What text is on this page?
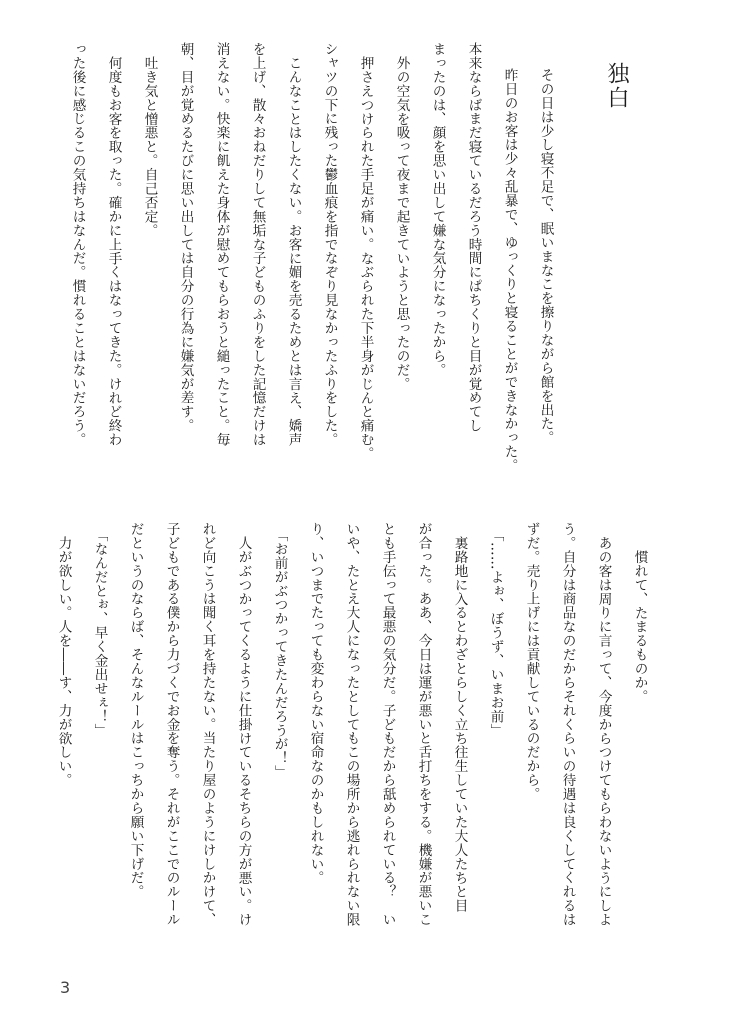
独白

その日は少し寝不足で、眠いまなこを擦りながら館を出た。

昨日のお客は少々乱暴で、ゆっくりと寝ることができなかった。

本来ならばまだ寝ているだろう時間にぱちくりと目が覚めてし

まったのは、顔を思い出して嫌な気分になったから。

外の空気を吸って夜まで起きていようと思ったのだ。

押さえつけられた手足が痛い。なぶられた下半身がじんと痛む。

シャツの下に残った鬱血痕を指でなぞり見なかったふりをした。

こんなことはしたくない。お客に媚を売るためとは言え、嬌声

を上げ、散々おねだりして無垢な子どものふりをした記憶だけは

消えない。快楽に飢えた身体が慰めてもらおうと縋ったこと。毎

朝、目が覚めるたびに思い出しては自分の行為に嫌気が差す。

吐き気と憎悪と。自己否定。

何度もお客を取った。確かに上手くはなってきた。けれど終わ

った後に感じるこの気持ちはなんだ。慣れることはないだろう。

慣れて、たまるものか。

あの客は周りに言って、今度からつけてもらわないようにしよ

う。自分は商品なのだからそれくらいの待遇は良くしてくれるは

ずだ。売り上げには貢献しているのだから。

「……よぉ、ぼうず、いまお前」

裏路地に入るとわざとらしく立ち往生していた大人たちと目

が合った。ああ、今日は運が悪いと舌打ちをする。機嫌が悪いこ

とも手伝って最悪の気分だ。子どもだから舐められている？　い

いや、たとえ大人になったとしてもこの場所から逃れられない限

り、いつまでたっても変わらない宿命なのかもしれない。

「お前がぶつかってきたんだろうが！」

人がぶつかってくるように仕掛けているそちらの方が悪い。け

れど向こうは聞く耳を持たない。当たり屋のようにけしかけて、

子どもである僕から力づくでお金を奪う。それがここでのルール

だというのならば、そんなルールはこっちから願い下げだ。

「なんだとぉ、早く金出せぇ！」

力が欲しい。人を――す、力が欲しい。

3
